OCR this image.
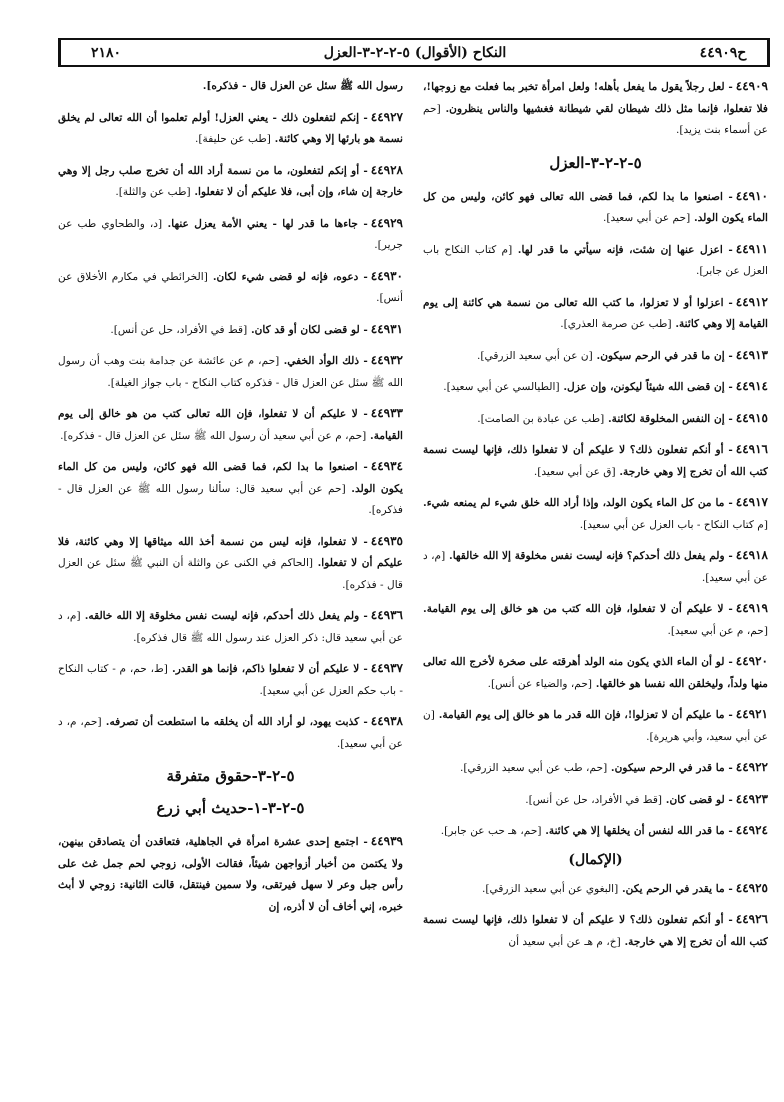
ح٤٤٩٠٩
النكاح (الأقوال) ٥-٢-٢-٣-العزل
٢١٨٠

٤٤٩٠٩- لعل رجلاً يقول ما يفعل بأهله! ولعل امرأة تخبر بما فعلت مع زوجها!، فلا تفعلوا، فإنما مثل ذلك شيطان لقي شيطانة فغشيها والناس ينظرون. [حم عن أسماء بنت يزيد].

٥-٢-٢-٣-العزل

٤٤٩١٠- اصنعوا ما بدا لكم، فما قضى الله تعالى فهو كائن، وليس من كل الماء يكون الولد. [حم عن أبي سعيد].

٤٤٩١١- اعزل عنها إن شئت، فإنه سيأتي ما قدر لها. [م كتاب النكاح باب العزل عن جابر].

٤٤٩١٢- اعزلوا أو لا تعزلوا، ما كتب الله تعالى من نسمة هي كائنة إلى يوم القيامة إلا وهي كائنة. [طب عن صرمة العذري].

٤٤٩١٣- إن ما قدر في الرحم سيكون. [ن عن أبي سعيد الزرقي].

٤٤٩١٤- إن قضى الله شيئاً ليكونن، وإن عزل. [الطيالسي عن أبي سعيد].

٤٤٩١٥- إن النفس المخلوقة لكائنة. [طب عن عبادة بن الصامت].

٤٤٩١٦- أو أنكم تفعلون ذلك؟ لا عليكم أن لا تفعلوا ذلك، فإنها ليست نسمة كتب الله أن تخرج إلا وهي خارجة. [ق عن أبي سعيد].

٤٤٩١٧- ما من كل الماء يكون الولد، وإذا أراد الله خلق شيء لم يمنعه شيء. [م كتاب النكاح - باب العزل عن أبي سعيد].

٤٤٩١٨- ولم يفعل ذلك أحدكم؟ فإنه ليست نفس مخلوقة إلا الله خالقها. [م، د عن أبي سعيد].

٤٤٩١٩- لا عليكم أن لا تفعلوا، فإن الله كتب من هو خالق إلى يوم القيامة. [حم، م عن أبي سعيد].

٤٤٩٢٠- لو أن الماء الذي يكون منه الولد أهرقته على صخرة لأخرج الله تعالى منها ولداً، وليخلقن الله نفسا هو خالقها. [حم، والضياء عن أنس].

٤٤٩٢١- ما عليكم أن لا تعزلوا!، فإن الله قدر ما هو خالق إلى يوم القيامة. [ن عن أبي سعيد، وأبي هريرة].

٤٤٩٢٢- ما قدر في الرحم سيكون. [حم، طب عن أبي سعيد الزرقي].

٤٤٩٢٣- لو قضى كان. [قط في الأفراد، حل عن أنس].

٤٤٩٢٤- ما قدر الله لنفس أن يخلقها إلا هي كائنة. [حم، هـ حب عن جابر].

(الإكمال)

٤٤٩٢٥- ما يقدر في الرحم يكن. [البغوي عن أبي سعيد الزرقي].

٤٤٩٢٦- أو أنكم تفعلون ذلك؟ لا عليكم أن لا تفعلوا ذلك، فإنها ليست نسمة كتب الله أن تخرج إلا هي خارجة. [خ، م هـ عن أبي سعيد أن

رسول الله ﷺ سئل عن العزل قال - فذكره].

٤٤٩٢٧- إنكم لتفعلون ذلك - يعني العزل! أولم تعلموا أن الله تعالى لم يخلق نسمة هو بارئها إلا وهي كائنة. [طب عن حليفة].

٤٤٩٢٨- أو إنكم لتفعلون، ما من نسمة أراد الله أن تخرج صلب رجل إلا وهي خارجة إن شاء، وإن أبى، فلا عليكم أن لا تفعلوا. [طب عن والثلة].

٤٤٩٢٩- جاءها ما قدر لها - يعني الأمة يعزل عنها. [د، والطحاوي طب عن جرير].

٤٤٩٣٠- دعوه، فإنه لو قضى شيء لكان. [الخرائطي في مكارم الأخلاق عن أنس].

٤٤٩٣١- لو قضى لكان أو قد كان. [قط في الأفراد، حل عن أنس].

٤٤٩٣٢- ذلك الوأد الخفي. [حم، م عن عائشة عن جدامة بنت وهب أن رسول الله ﷺ سئل عن العزل قال - فذكره كتاب النكاح - باب جواز الغيلة].

٤٤٩٣٣- لا عليكم أن لا تفعلوا، فإن الله تعالى كتب من هو خالق إلى يوم القيامة. [حم، م عن أبي سعيد أن رسول الله ﷺ سئل عن العزل قال - فذكره].

٤٤٩٣٤- اصنعوا ما بدا لكم، فما قضى الله فهو كائن، وليس من كل الماء يكون الولد. [حم عن أبي سعيد قال: سألنا رسول الله ﷺ عن العزل قال - فذكره].

٤٤٩٣٥- لا تفعلوا، فإنه ليس من نسمة أخذ الله ميثاقها إلا وهي كائنة، فلا عليكم أن لا تفعلوا. [الحاكم في الكنى عن والثلة أن النبي ﷺ سئل عن العزل قال - فذكره].

٤٤٩٣٦- ولم يفعل ذلك أحدكم، فإنه ليست نفس مخلوقة إلا الله خالقه. [م، د عن أبي سعيد قال: ذكر العزل عند رسول الله ﷺ قال فذكره].

٤٤٩٣٧- لا عليكم أن لا تفعلوا ذاكم، فإنما هو القدر. [ط، حم، م - كتاب النكاح - باب حكم العزل عن أبي سعيد].

٤٤٩٣٨- كذبت يهود، لو أراد الله أن يخلقه ما استطعت أن تصرفه. [حم، م، د عن أبي سعيد].

٥-٢-٣-حقوق متفرقة
٥-٢-٣-١-حديث أبي زرع

٤٤٩٣٩- اجتمع إحدى عشرة امرأة في الجاهلية، فتعاقدن أن يتصادقن بينهن، ولا يكتمن من أخبار أزواجهن شيئاً، فقالت الأولى، زوجي لحم جمل غث على رأس جبل وعر لا سهل فيرتقى، ولا سمين فينتقل، قالت الثانية: زوجي لا أبث خبره، إني أخاف أن لا أذره، إن
